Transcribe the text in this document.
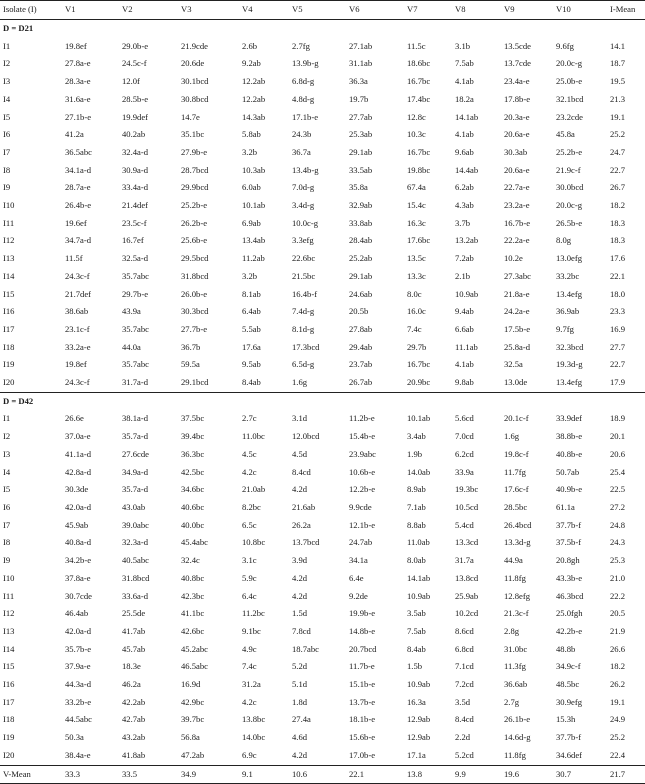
Isolate (I)	V1	V2	V3	V4	V5	V6	V7	V8	V9	V10	I-Mean
D = D21											
I1	19.8ef	29.0b-e	21.9cde	2.6b	2.7fg	27.1ab	11.5c	3.1b	13.5cde	9.6fg	14.1
I2	27.8a-e	24.5c-f	20.6de	9.2ab	13.9b-g	31.1ab	18.6bc	7.5ab	13.7cde	20.0c-g	18.7
I3	28.3a-e	12.0f	30.1bcd	12.2ab	6.8d-g	36.3a	16.7bc	4.1ab	23.4a-e	25.0b-e	19.5
I4	31.6a-e	28.5b-e	30.8bcd	12.2ab	4.8d-g	19.7b	17.4bc	18.2a	17.8b-e	32.1bcd	21.3
I5	27.1b-e	19.9def	14.7e	14.3ab	17.1b-e	27.7ab	12.8c	14.1ab	20.3a-e	23.2cde	19.1
I6	41.2a	40.2ab	35.1bc	5.8ab	24.3b	25.3ab	10.3c	4.1ab	20.6a-e	45.8a	25.2
I7	36.5abc	32.4a-d	27.9b-e	3.2b	36.7a	29.1ab	16.7bc	9.6ab	30.3ab	25.2b-e	24.7
I8	34.1a-d	30.9a-d	28.7bcd	10.3ab	13.4b-g	33.5ab	19.8bc	14.4ab	20.6a-e	21.9c-f	22.7
I9	28.7a-e	33.4a-d	29.9bcd	6.0ab	7.0d-g	35.8a	67.4a	6.2ab	22.7a-e	30.0bcd	26.7
I10	26.4b-e	21.4def	25.2b-e	10.1ab	3.4d-g	32.9ab	15.4c	4.3ab	23.2a-e	20.0c-g	18.2
I11	19.6ef	23.5c-f	26.2b-e	6.9ab	10.0c-g	33.8ab	16.3c	3.7b	16.7b-e	26.5b-e	18.3
I12	34.7a-d	16.7ef	25.6b-e	13.4ab	3.3efg	28.4ab	17.6bc	13.2ab	22.2a-e	8.0g	18.3
I13	11.5f	32.5a-d	29.5bcd	11.2ab	22.6bc	25.2ab	13.5c	7.2ab	10.2e	13.0efg	17.6
I14	24.3c-f	35.7abc	31.8bcd	3.2b	21.5bc	29.1ab	13.3c	2.1b	27.3abc	33.2bc	22.1
I15	21.7def	29.7b-e	26.0b-e	8.1ab	16.4b-f	24.6ab	8.0c	10.9ab	21.8a-e	13.4efg	18.0
I16	38.6ab	43.9a	30.3bcd	6.4ab	7.4d-g	20.5b	16.0c	9.4ab	24.2a-e	36.9ab	23.3
I17	23.1c-f	35.7abc	27.7b-e	5.5ab	8.1d-g	27.8ab	7.4c	6.6ab	17.5b-e	9.7fg	16.9
I18	33.2a-e	44.0a	36.7b	17.6a	17.3bcd	29.4ab	29.7b	11.1ab	25.8a-d	32.3bcd	27.7
I19	19.8ef	35.7abc	59.5a	9.5ab	6.5d-g	23.7ab	16.7bc	4.1ab	32.5a	19.3d-g	22.7
I20	24.3c-f	31.7a-d	29.1bcd	8.4ab	1.6g	26.7ab	20.9bc	9.8ab	13.0de	13.4efg	17.9
D = D42											
I1	26.6e	38.1a-d	37.5bc	2.7c	3.1d	11.2b-e	10.1ab	5.6cd	20.1c-f	33.9def	18.9
I2	37.0a-e	35.7a-d	39.4bc	11.0bc	12.0bcd	15.4b-e	3.4ab	7.0cd	1.6g	38.8b-e	20.1
I3	41.1a-d	27.6cde	36.3bc	4.5c	4.5d	23.9abc	1.9b	6.2cd	19.8c-f	40.8b-e	20.6
I4	42.8a-d	34.9a-d	42.5bc	4.2c	8.4cd	10.6b-e	14.0ab	33.9a	11.7fg	50.7ab	25.4
I5	30.3de	35.7a-d	34.6bc	21.0ab	4.2d	12.2b-e	8.9ab	19.3bc	17.6c-f	40.9b-e	22.5
I6	42.0a-d	43.0ab	40.6bc	8.2bc	21.6ab	9.9cde	7.1ab	10.5cd	28.5bc	61.1a	27.2
I7	45.9ab	39.0abc	40.0bc	6.5c	26.2a	12.1b-e	8.8ab	5.4cd	26.4bcd	37.7b-f	24.8
I8	40.8a-d	32.3a-d	45.4abc	10.8bc	13.7bcd	24.7ab	11.0ab	13.3cd	13.3d-g	37.5b-f	24.3
I9	34.2b-e	40.5abc	32.4c	3.1c	3.9d	34.1a	8.0ab	31.7a	44.9a	20.8gh	25.3
I10	37.8a-e	31.8bcd	40.8bc	5.9c	4.2d	6.4e	14.1ab	13.8cd	11.8fg	43.3b-e	21.0
I11	30.7cde	33.6a-d	42.3bc	6.4c	4.2d	9.2de	10.9ab	25.9ab	12.8efg	46.3bcd	22.2
I12	46.4ab	25.5de	41.1bc	11.2bc	1.5d	19.9b-e	3.5ab	10.2cd	21.3c-f	25.0fgh	20.5
I13	42.0a-d	41.7ab	42.6bc	9.1bc	7.8cd	14.8b-e	7.5ab	8.6cd	2.8g	42.2b-e	21.9
I14	35.7b-e	45.7ab	45.2abc	4.9c	18.7abc	20.7bcd	8.4ab	6.8cd	31.0bc	48.8b	26.6
I15	37.9a-e	18.3e	46.5abc	7.4c	5.2d	11.7b-e	1.5b	7.1cd	11.3fg	34.9c-f	18.2
I16	44.3a-d	46.2a	16.9d	31.2a	5.1d	15.1b-e	10.9ab	7.2cd	36.6ab	48.5bc	26.2
I17	33.2b-e	42.2ab	42.9bc	4.2c	1.8d	13.7b-e	16.3a	3.5d	2.7g	30.9efg	19.1
I18	44.5abc	42.7ab	39.7bc	13.8bc	27.4a	18.1b-e	12.9ab	8.4cd	26.1b-e	15.3h	24.9
I19	50.3a	43.2ab	56.8a	14.0bc	4.6d	15.6b-e	12.9ab	2.2d	14.6d-g	37.7b-f	25.2
I20	38.4a-e	41.8ab	47.2ab	6.9c	4.2d	17.0b-e	17.1a	5.2cd	11.8fg	34.6def	22.4
V-Mean	33.3	33.5	34.9	9.1	10.6	22.1	13.8	9.9	19.6	30.7	21.7
